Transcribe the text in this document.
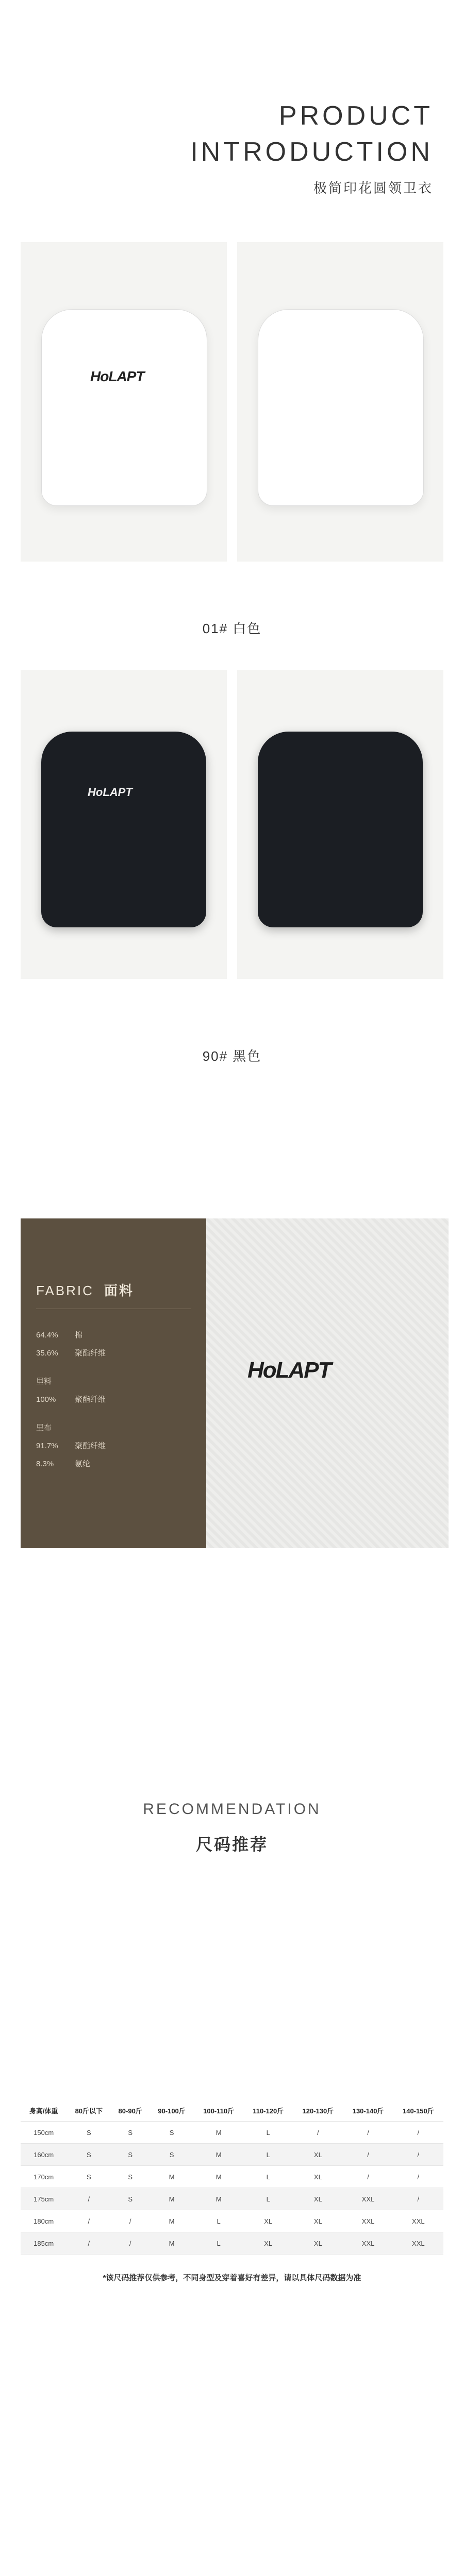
PRODUCT
INTRODUCTION
极简印花圆领卫衣
HoLAPT
01# 白色
HoLAPT
90# 黑色
FABRIC 面料
64.4% 棉
35.6% 聚酯纤维
里料
100% 聚酯纤维
里布
91.7% 聚酯纤维
8.3%	氨纶
HoLAPT
RECOMMENDATION
尺码推荐
身高/体重	80斤以下	80-90斤	90-100斤	100-110斤	110-120斤	120-130斤	130-140斤	140-150斤
150cm	S	S	S	M	L	/	/	/
160cm	S	S	S	M	L	XL	/	/
170cm	S	S	M	M	L	XL	/	/
175cm	/	S	M	M	L	XL	XXL	/
180cm	/	/	M	L	XL	XL	XXL	XXL
185cm	/	/	M	L	XL	XL	XXL	XXL
*该尺码推荐仅供参考，不同身型及穿着喜好有差异，请以具体尺码数据为准
